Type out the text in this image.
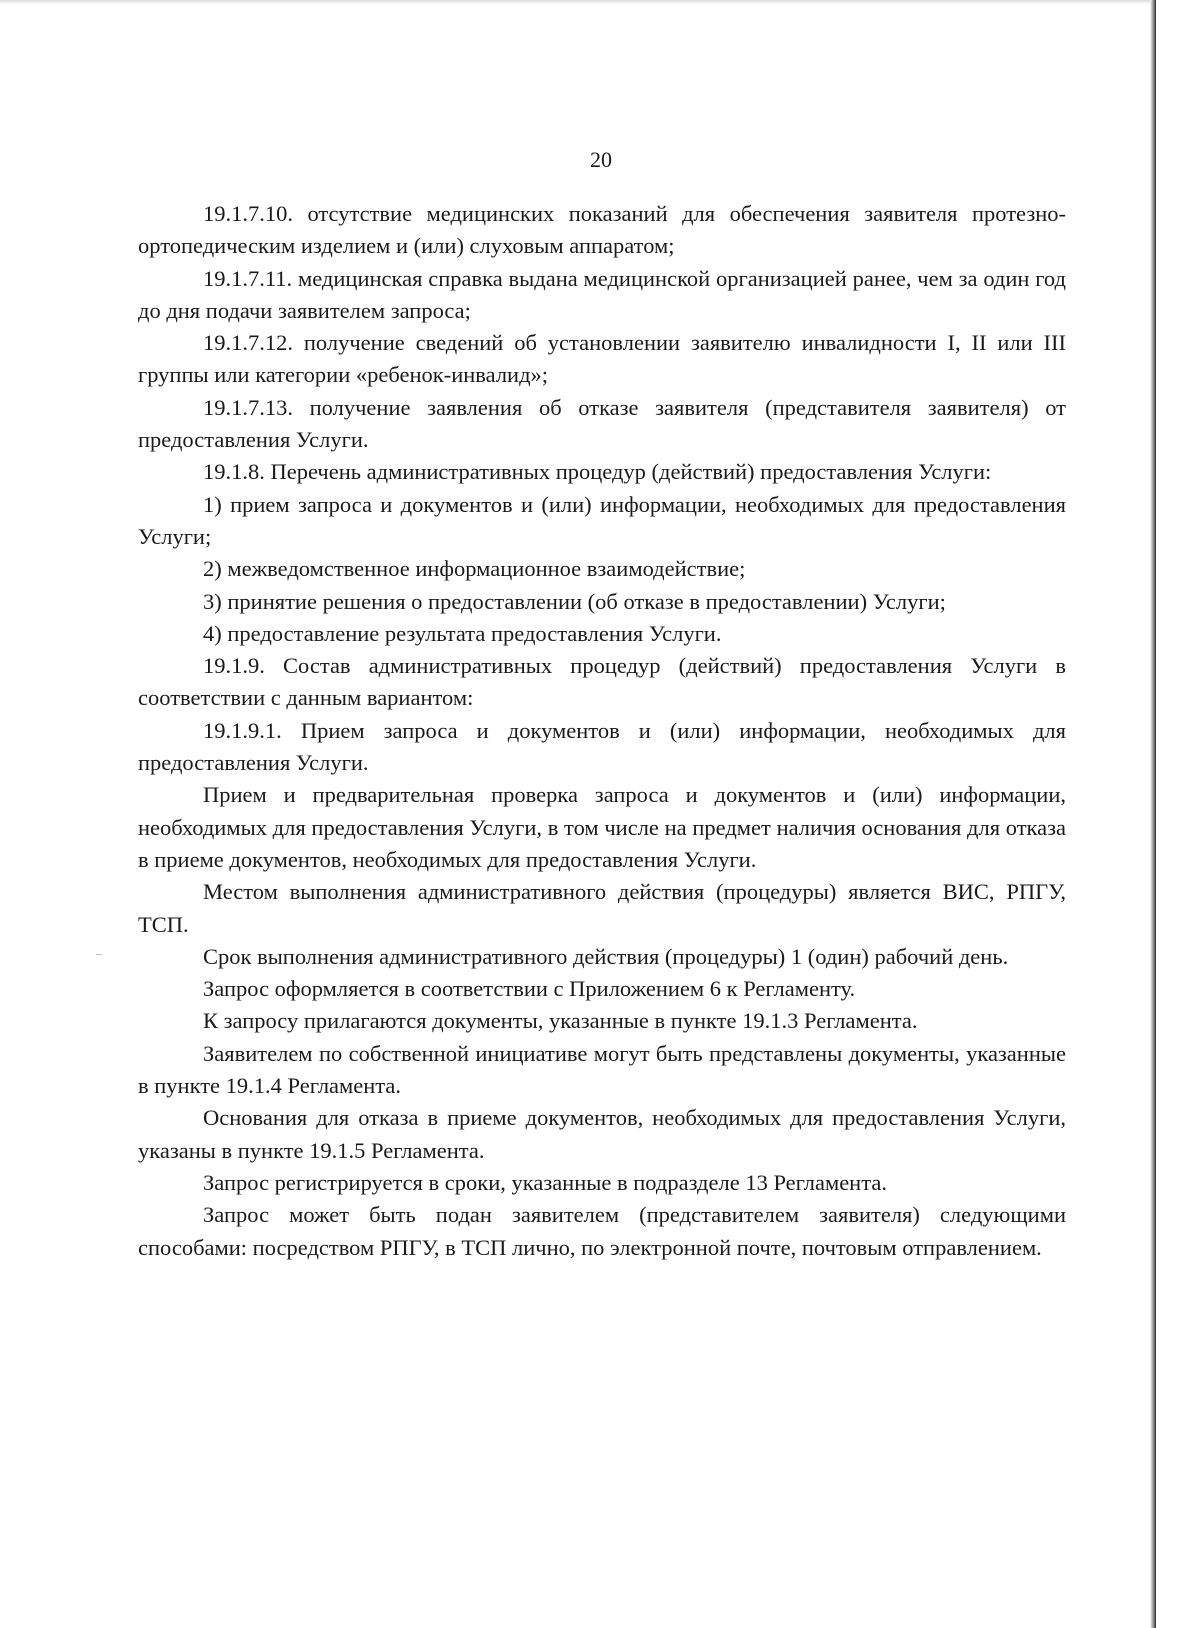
20

19.1.7.10. отсутствие медицинских показаний для обеспечения заявителя протезно-ортопедическим изделием и (или) слуховым аппаратом;

19.1.7.11. медицинская справка выдана медицинской организацией ранее, чем за один год до дня подачи заявителем запроса;

19.1.7.12. получение сведений об установлении заявителю инвалидности I, II или III группы или категории «ребенок-инвалид»;

19.1.7.13. получение заявления об отказе заявителя (представителя заявителя) от предоставления Услуги.

19.1.8. Перечень административных процедур (действий) предоставления Услуги:

1) прием запроса и документов и (или) информации, необходимых для предоставления Услуги;

2) межведомственное информационное взаимодействие;

3) принятие решения о предоставлении (об отказе в предоставлении) Услуги;

4) предоставление результата предоставления Услуги.

19.1.9. Состав административных процедур (действий) предоставления Услуги в соответствии с данным вариантом:

19.1.9.1. Прием запроса и документов и (или) информации, необходимых для предоставления Услуги.

Прием и предварительная проверка запроса и документов и (или) информации, необходимых для предоставления Услуги, в том числе на предмет наличия основания для отказа в приеме документов, необходимых для предоставления Услуги.

Местом выполнения административного действия (процедуры) является ВИС, РПГУ, ТСП.

Срок выполнения административного действия (процедуры) 1 (один) рабочий день.

Запрос оформляется в соответствии с Приложением 6 к Регламенту.

К запросу прилагаются документы, указанные в пункте 19.1.3 Регламента.

Заявителем по собственной инициативе могут быть представлены документы, указанные в пункте 19.1.4 Регламента.

Основания для отказа в приеме документов, необходимых для предоставления Услуги, указаны в пункте 19.1.5 Регламента.

Запрос регистрируется в сроки, указанные в подразделе 13 Регламента.

Запрос может быть подан заявителем (представителем заявителя) следующими способами: посредством РПГУ, в ТСП лично, по электронной почте, почтовым отправлением.
